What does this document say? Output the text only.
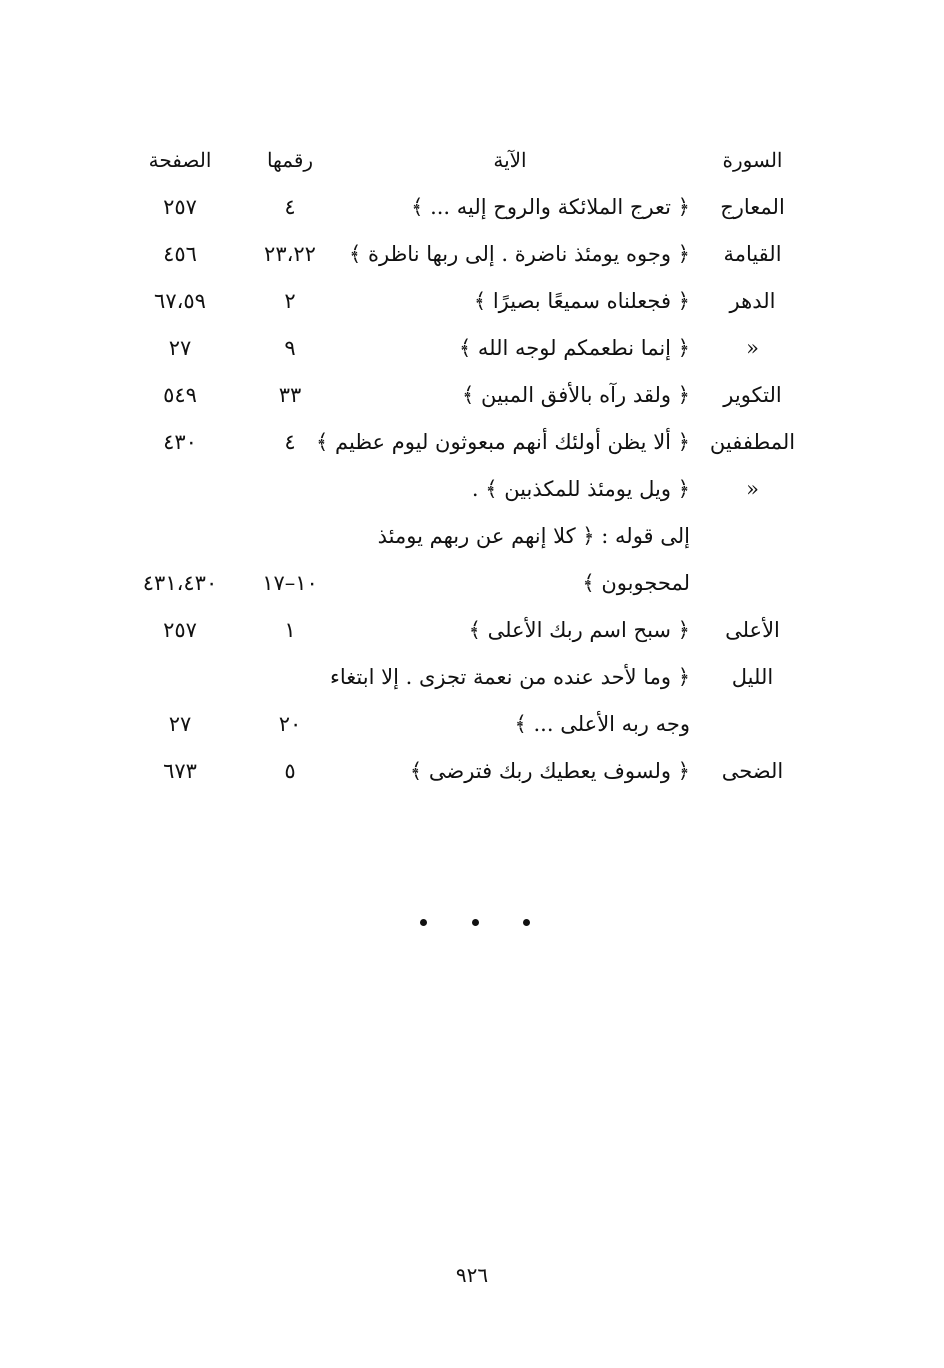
السورة
الآية
رقمها
الصفحة
المعارج
﴿ تعرج الملائكة والروح إليه ... ﴾
٤
٢٥٧
القيامة
﴿ وجوه يومئذ ناضرة . إلى ربها ناظرة ﴾
٢٣،٢٢
٤٥٦
الدهر
﴿ فجعلناه سميعًا بصيرًا ﴾
٢
٦٧،٥٩
«
﴿ إنما نطعمكم لوجه الله ﴾
٩
٢٧
التكوير
﴿ ولقد رآه بالأفق المبين ﴾
٣٣
٥٤٩
المطففين
﴿ ألا يظن أولئك أنهم مبعوثون ليوم عظيم ﴾
٤
٤٣٠
«
﴿ ويل يومئذ للمكذبين ﴾ .
إلى قوله : ﴿ كلا إنهم عن ربهم يومئذ
لمحجوبون ﴾
١٠–١٧
٤٣١،٤٣٠
الأعلى
﴿ سبح اسم ربك الأعلى ﴾
١
٢٥٧
الليل
﴿ وما لأحد عنده من نعمة تجزى . إلا ابتغاء
وجه ربه الأعلى ... ﴾
٢٠
٢٧
الضحى
﴿ ولسوف يعطيك ربك فترضى ﴾
٥
٦٧٣
٩٢٦
